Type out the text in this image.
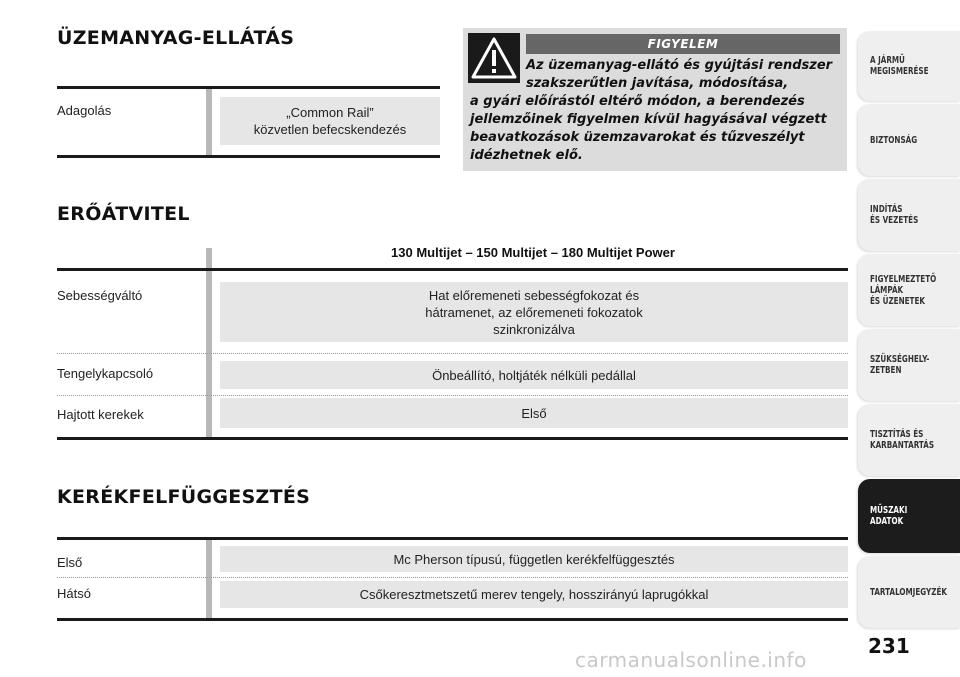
ÜZEMANYAG-ELLÁTÁS
Adagolás	„Common Rail”
közvetlen befecskendezés
FIGYELEM
Az üzemanyag-ellátó és gyújtási rendszer
szakszerűtlen javítása, módosítása,
a gyári előírástól eltérő módon, a berendezés
jellemzőinek figyelmen kívül hagyásával végzett
beavatkozások üzemzavarokat és tűzveszélyt
idézhetnek elő.
ERŐÁTVITEL
130 Multijet – 150 Multijet – 180 Multijet Power
Sebességváltó	Hat előremeneti sebességfokozat és
hátramenet, az előremeneti fokozatok
szinkronizálva
Tengelykapcsoló	Önbeállító, holtjáték nélküli pedállal
Hajtott kerekek	Első
KERÉKFELFÜGGESZTÉS
Első	Mc Pherson típusú, független kerékfelfüggesztés
Hátsó	Csőkeresztmetszetű merev tengely, hosszirányú laprugókkal
A JÁRMŰ
MEGISMERÉSE
BIZTONSÁG
INDÍTÁS
ÉS VEZETÉS
FIGYELMEZTETŐ
LÁMPÁK
ÉS ÜZENETEK
SZÜKSÉGHELY-
ZETBEN
TISZTÍTÁS ÉS
KARBANTARTÁS
MŰSZAKI
ADATOK
TARTALOMJEGYZÉK
231
carmanualsonline.info
